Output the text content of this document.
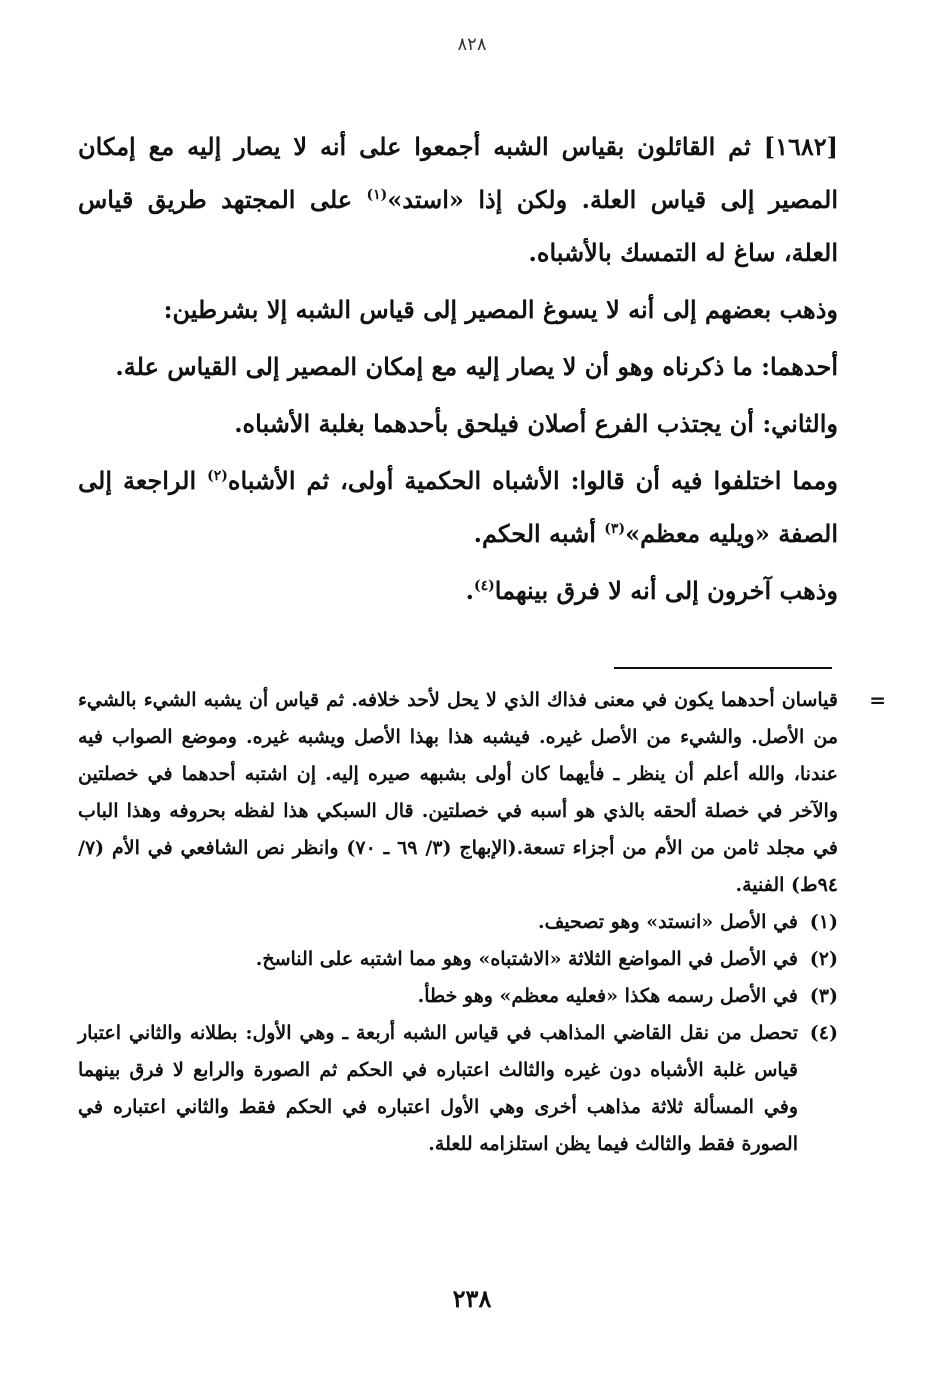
٨٢٨

[١٦٨٢] ثم القائلون بقياس الشبه أجمعوا على أنه لا يصار إليه مع إمكان المصير إلى قياس العلة. ولكن إذا «استد»$^{(١)}$ على المجتهد طريق قياس العلة، ساغ له التمسك بالأشباه.

وذهب بعضهم إلى أنه لا يسوغ المصير إلى قياس الشبه إلا بشرطين:

أحدهما: ما ذكرناه وهو أن لا يصار إليه مع إمكان المصير إلى القياس علة.

والثاني: أن يجتذب الفرع أصلان فيلحق بأحدهما بغلبة الأشباه.

ومما اختلفوا فيه أن قالوا: الأشباه الحكمية أولى، ثم الأشباه$^{(٢)}$ الراجعة إلى الصفة «ويليه معظم»$^{(٣)}$ أشبه الحكم.

وذهب آخرون إلى أنه لا فرق بينهما$^{(٤)}$.

=

قياسان أحدهما يكون في معنى فذاك الذي لا يحل لأحد خلافه. ثم قياس أن يشبه الشيء بالشيء من الأصل. والشيء من الأصل غيره. فيشبه هذا بهذا الأصل ويشبه غيره. وموضع الصواب فيه عندنا، والله أعلم أن ينظر ـ فأيهما كان أولى بشبهه صيره إليه. إن اشتبه أحدهما في خصلتين والآخر في خصلة ألحقه بالذي هو أسبه في خصلتين. قال السبكي هذا لفظه بحروفه وهذا الباب في مجلد ثامن من الأم من أجزاء تسعة.(الإبهاج (٣/ ٦٩ ـ ٧٠) وانظر نص الشافعي في الأم (٧/ ٩٤ط) الفنية.

(١)
في الأصل «انستد» وهو تصحيف.
(٢)
في الأصل في المواضع الثلاثة «الاشتباه» وهو مما اشتبه على الناسخ.
(٣)
في الأصل رسمه هكذا «فعليه معظم» وهو خطأ.
(٤)
تحصل من نقل القاضي المذاهب في قياس الشبه أربعة ـ وهي الأول: بطلانه والثاني اعتبار قياس غلبة الأشباه دون غيره والثالث اعتباره في الحكم ثم الصورة والرابع لا فرق بينهما وفي المسألة ثلاثة مذاهب أخرى وهي الأول اعتباره في الحكم فقط والثاني اعتباره في الصورة فقط والثالث فيما يظن استلزامه للعلة.
٢٣٨
